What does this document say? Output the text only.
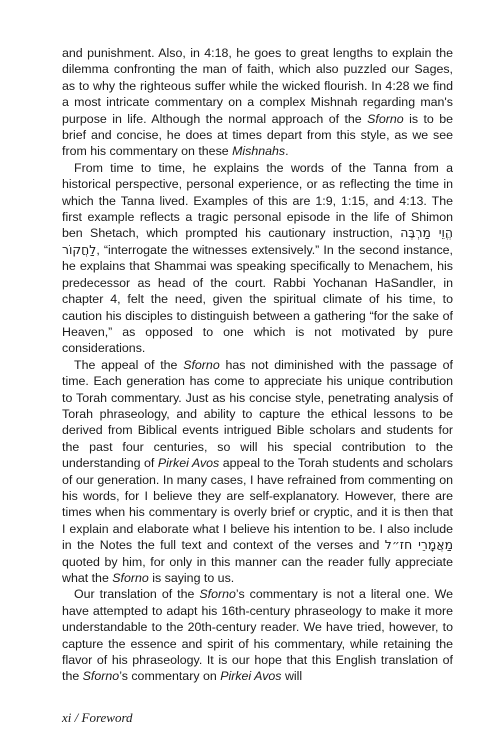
and punishment. Also, in 4:18, he goes to great lengths to explain the dilemma confronting the man of faith, which also puzzled our Sages, as to why the righteous suffer while the wicked flourish. In 4:28 we find a most intricate commentary on a complex Mishnah regarding man's purpose in life. Although the normal approach of the Sforno is to be brief and concise, he does at times depart from this style, as we see from his commentary on these Mishnahs.

From time to time, he explains the words of the Tanna from a historical perspective, personal experience, or as reflecting the time in which the Tanna lived. Examples of this are 1:9, 1:15, and 4:13. The first example reflects a tragic personal episode in the life of Shimon ben Shetach, which prompted his cautionary instruction, הֱוֵי מַרְבֶּה לַחֲקוֹר, “interrogate the witnesses extensively.” In the second instance, he explains that Shammai was speaking specifically to Menachem, his predecessor as head of the court. Rabbi Yochanan HaSandler, in chapter 4, felt the need, given the spiritual climate of his time, to caution his disciples to distinguish between a gathering “for the sake of Heaven,” as opposed to one which is not motivated by pure considerations.

The appeal of the Sforno has not diminished with the passage of time. Each generation has come to appreciate his unique contribution to Torah commentary. Just as his concise style, penetrating analysis of Torah phraseology, and ability to capture the ethical lessons to be derived from Biblical events intrigued Bible scholars and students for the past four centuries, so will his special contribution to the understanding of Pirkei Avos appeal to the Torah students and scholars of our generation. In many cases, I have refrained from commenting on his words, for I believe they are self-explanatory. However, there are times when his commentary is overly brief or cryptic, and it is then that I explain and elaborate what I believe his intention to be. I also include in the Notes the full text and context of the verses and מַאֲמָרֵי חז״ל quoted by him, for only in this manner can the reader fully appreciate what the Sforno is saying to us.

Our translation of the Sforno’s commentary is not a literal one. We have attempted to adapt his 16th-century phraseology to make it more understandable to the 20th-century reader. We have tried, however, to capture the essence and spirit of his commentary, while retaining the flavor of his phraseology. It is our hope that this English translation of the Sforno’s commentary on Pirkei Avos will

xi / Foreword
